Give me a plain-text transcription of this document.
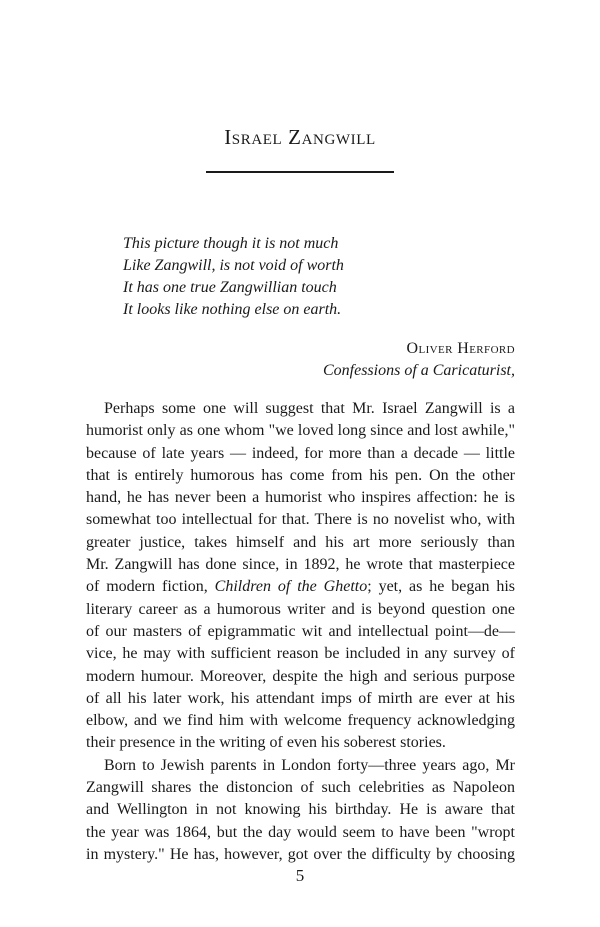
Israel Zangwill
This picture though it is not much
Like Zangwill, is not void of worth
It has one true Zangwillian touch
It looks like nothing else on earth.
Oliver Herford
Confessions of a Caricaturist,
Perhaps some one will suggest that Mr. Israel Zangwill is a
humorist only as one whom "we loved long since and lost awhile,"
because of late years — indeed, for more than a decade — little
that is entirely humorous has come from his pen. On the other
hand, he has never been a humorist who inspires affection: he is
somewhat too intellectual for that. There is no novelist who, with
greater justice, takes himself and his art more seriously than
Mr. Zangwill has done since, in 1892, he wrote that masterpiece
of modern fiction, Children of the Ghetto; yet, as he began his
literary career as a humorous writer and is beyond question one
of our masters of epigrammatic wit and intellectual point—de—
vice, he may with sufficient reason be included in any survey of
modern humour. Moreover, despite the high and serious purpose
of all his later work, his attendant imps of mirth are ever at his
elbow, and we find him with welcome frequency acknowledging
their presence in the writing of even his soberest stories.
Born to Jewish parents in London forty—three years ago, Mr
Zangwill shares the distoncion of such celebrities as Napoleon
and Wellington in not knowing his birthday. He is aware that
the year was 1864, but the day would seem to have been "wropt
in mystery." He has, however, got over the difficulty by choosing
5
